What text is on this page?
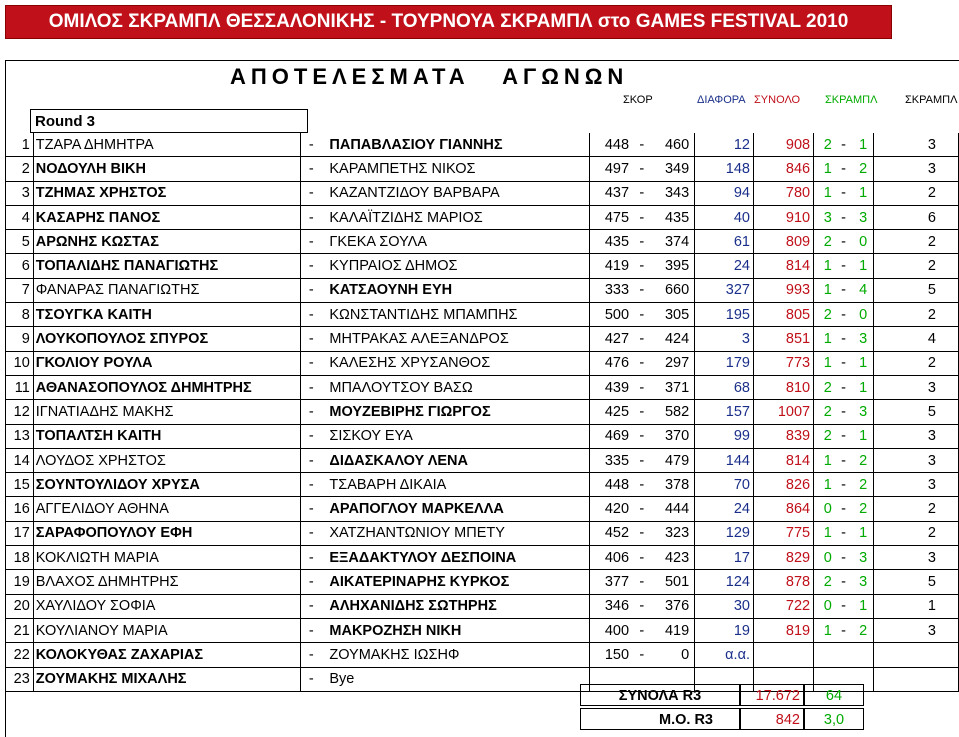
ΟΜΙΛΟΣ ΣΚΡΑΜΠΛ ΘΕΣΣΑΛΟΝΙΚΗΣ - ΤΟΥΡΝΟΥΑ ΣΚΡΑΜΠΛ στο GAMES FESTIVAL 2010
ΑΠΟΤΕΛΕΣΜΑΤΑ   ΑΓΩΝΩΝ
ΣΚΟΡ	ΔΙΑΦΟΡΑ ΣΥΝΟΛΟ ΣΚΡΑΜΠΛ	ΣΚΡΑΜΠΛ
Round 3
1	ΤΖΑΡΑ ΔΗΜΗΤΡΑ	-	ΠΑΠΑΒΛΑΣΙΟΥ ΓΙΑΝΝΗΣ	448	-	460	12	908	2	-	1	3
2	ΝΟΔΟΥΛΗ ΒΙΚΗ	-	ΚΑΡΑΜΠΕΤΗΣ ΝΙΚΟΣ	497	-	349	148	846	1	-	2	3
3	ΤΖΗΜΑΣ ΧΡΗΣΤΟΣ	-	ΚΑΖΑΝΤΖΙΔΟΥ ΒΑΡΒΑΡΑ	437	-	343	94	780	1	-	1	2
4	ΚΑΣΑΡΗΣ ΠΑΝΟΣ	-	ΚΑΛΑΪΤΖΙΔΗΣ ΜΑΡΙΟΣ	475	-	435	40	910	3	-	3	6
5	ΑΡΩΝΗΣ ΚΩΣΤΑΣ	-	ΓΚΕΚΑ ΣΟΥΛΑ	435	-	374	61	809	2	-	0	2
6	ΤΟΠΑΛΙΔΗΣ ΠΑΝΑΓΙΩΤΗΣ	-	ΚΥΠΡΑΙΟΣ ΔΗΜΟΣ	419	-	395	24	814	1	-	1	2
7	ΦΑΝΑΡΑΣ ΠΑΝΑΓΙΩΤΗΣ	-	ΚΑΤΣΑΟΥΝΗ ΕΥΗ	333	-	660	327	993	1	-	4	5
8	ΤΣΟΥΓΚΑ ΚΑΙΤΗ	-	ΚΩΝΣΤΑΝΤΙΔΗΣ ΜΠΑΜΠΗΣ	500	-	305	195	805	2	-	0	2
9	ΛΟΥΚΟΠΟΥΛΟΣ ΣΠΥΡΟΣ	-	ΜΗΤΡΑΚΑΣ ΑΛΕΞΑΝΔΡΟΣ	427	-	424	3	851	1	-	3	4
10	ΓΚΟΛΙΟΥ ΡΟΥΛΑ	-	ΚΑΛΕΣΗΣ ΧΡΥΣΑΝΘΟΣ	476	-	297	179	773	1	-	1	2
11	ΑΘΑΝΑΣΟΠΟΥΛΟΣ ΔΗΜΗΤΡΗΣ	-	ΜΠΑΛΟΥΤΣΟΥ ΒΑΣΩ	439	-	371	68	810	2	-	1	3
12	ΙΓΝΑΤΙΑΔΗΣ ΜΑΚΗΣ	-	ΜΟΥΖΕΒΙΡΗΣ ΓΙΩΡΓΟΣ	425	-	582	157	1007	2	-	3	5
13	ΤΟΠΑΛΤΣΗ ΚΑΙΤΗ	-	ΣΙΣΚΟΥ ΕΥΑ	469	-	370	99	839	2	-	1	3
14	ΛΟΥΔΟΣ ΧΡΗΣΤΟΣ	-	ΔΙΔΑΣΚΑΛΟΥ ΛΕΝΑ	335	-	479	144	814	1	-	2	3
15	ΣΟΥΝΤΟΥΛΙΔΟΥ ΧΡΥΣΑ	-	ΤΣΑΒΑΡΗ ΔΙΚΑΙΑ	448	-	378	70	826	1	-	2	3
16	ΑΓΓΕΛΙΔΟΥ ΑΘΗΝΑ	-	ΑΡΑΠΟΓΛΟΥ ΜΑΡΚΕΛΛΑ	420	-	444	24	864	0	-	2	2
17	ΣΑΡΑΦΟΠΟΥΛΟΥ ΕΦΗ	-	ΧΑΤΖΗΑΝΤΩΝΙΟΥ ΜΠΕΤΥ	452	-	323	129	775	1	-	1	2
18	ΚΟΚΛΙΩΤΗ ΜΑΡΙΑ	-	ΕΞΑΔΑΚΤΥΛΟΥ ΔΕΣΠΟΙΝΑ	406	-	423	17	829	0	-	3	3
19	ΒΛΑΧΟΣ ΔΗΜΗΤΡΗΣ	-	ΑΙΚΑΤΕΡΙΝΑΡΗΣ ΚΥΡΚΟΣ	377	-	501	124	878	2	-	3	5
20	ΧΑΥΛΙΔΟΥ ΣΟΦΙΑ	-	ΑΛΗΧΑΝΙΔΗΣ ΣΩΤΗΡΗΣ	346	-	376	30	722	0	-	1	1
21	ΚΟΥΛΙΑΝΟΥ ΜΑΡΙΑ	-	ΜΑΚΡΟΖΗΣΗ ΝΙΚΗ	400	-	419	19	819	1	-	2	3
22	ΚΟΛΟΚΥΘΑΣ ΖΑΧΑΡΙΑΣ	-	ΖΟΥΜΑΚΗΣ ΙΩΣΗΦ	150	-	0	α.α.					
23	ΖΟΥΜΑΚΗΣ ΜΙΧΑΛΗΣ	-	Bye									
ΣΥΝΟΛΑ R3	17.672	64
Μ.Ο. R3	842	3,0
